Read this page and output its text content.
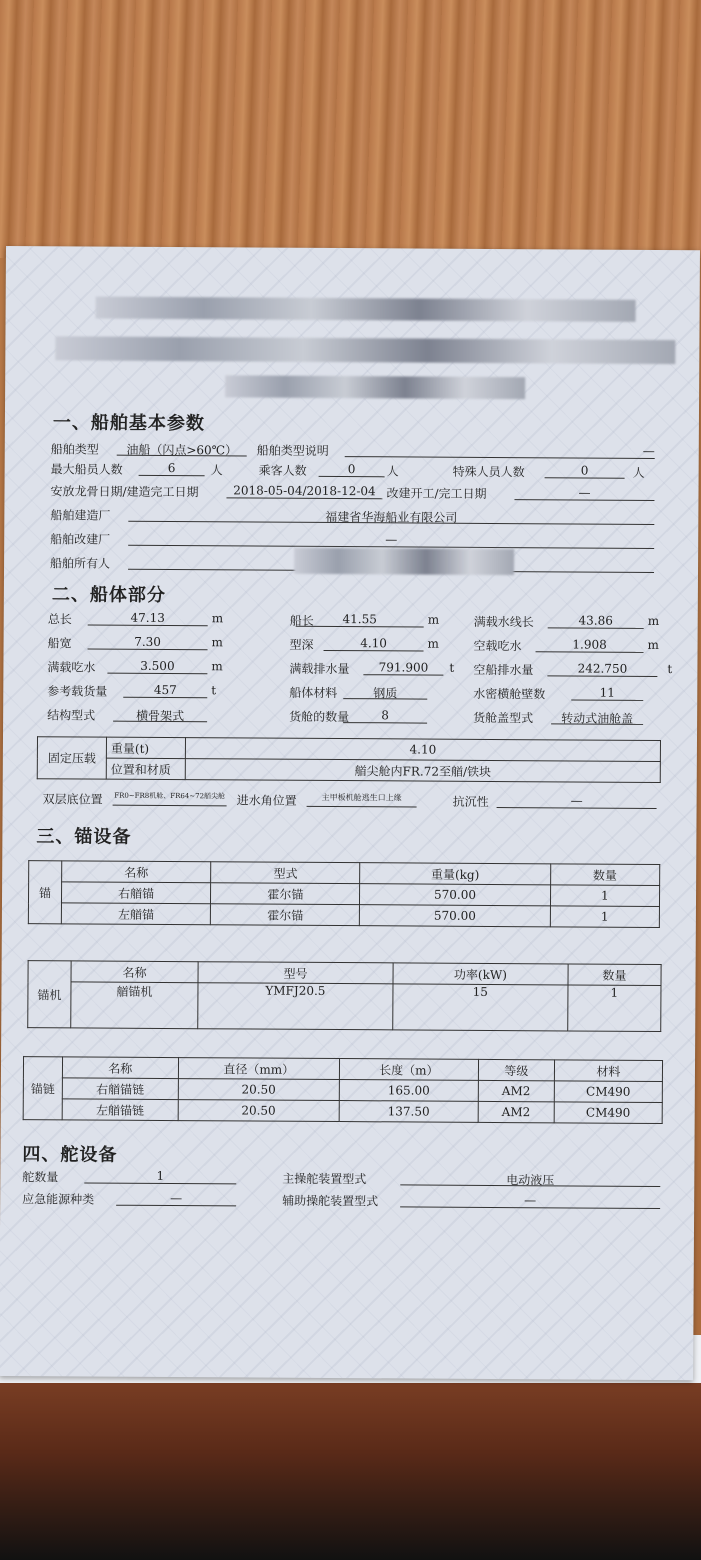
一、船舶基本参数
船舶类型	油船（闪点>60℃）	船舶类型说明	—
最大船员人数	6	人	乘客人数	0	人	特殊人员人数	0	人
安放龙骨日期/建造完工日期	2018-05-04/2018-12-04 改建开工/完工日期	—
船舶建造厂	福建省华海船业有限公司
船舶改建厂	—
船舶所有人
二、船体部分
总长	47.13	m	船长	41.55	m	满载水线长	43.86	m
船宽	7.30	m	型深	4.10	m	空载吃水	1.908	m
满载吃水	3.500	m	满载排水量	791.900	t 空船排水量	242.750	t
参考载货量	457	t	船体材料	钢质	水密横舱壁数	11
结构型式	横骨架式	货舱的数量	8	货舱盖型式	转动式油舱盖
固定压载	重量(t)	4.10
	位置和材质	艏尖舱内FR.72至艏/铁块
双层底位置 FR0~FR8机舱、FR64~72艏尖舱 进水角位置	主甲板机舱逃生口上缘	抗沉性	—
三、锚设备
锚	名称	型式	重量(kg)	数量
	右艏锚	霍尔锚	570.00	1
	左艏锚	霍尔锚	570.00	1
锚机	名称	型号	功率(kW)	数量
	艏锚机	YMFJ20.5	15	1
锚链	名称	直径（mm）	长度（m）	等级	材料
	右艏锚链	20.50	165.00	AM2	CM490
	左艏锚链	20.50	137.50	AM2	CM490
四、舵设备
舵数量	1	主操舵装置型式	电动液压
应急能源种类	—	辅助操舵装置型式	—
